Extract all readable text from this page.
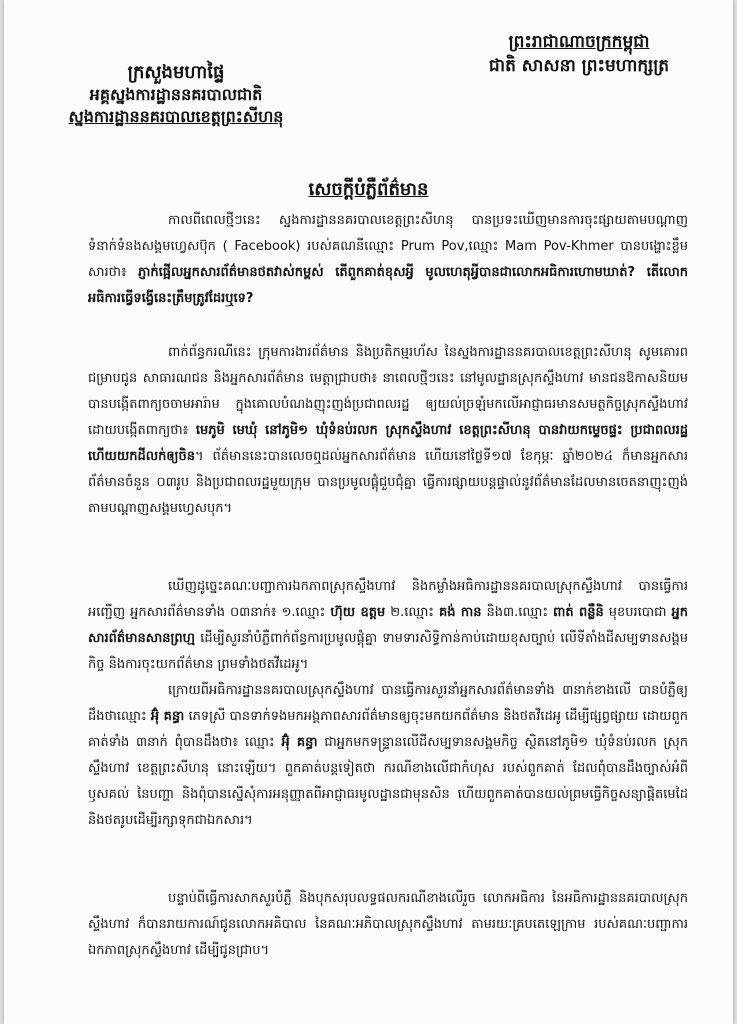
ព្រះរាជាណាចក្រកម្ពុជា
ជាតិ សាសនា ព្រះមហាក្សត្រ
ក្រសួងមហាផ្ទៃ
អគ្គស្នងការដ្ឋាននគរបាលជាតិ
ស្នងការដ្ឋាននគរបាលខេត្តព្រះសីហនុ
សេចក្ដីបំភ្លឺព័ត៌មាន

កាលពីពេលថ្មីៗនេះ ស្នងការដ្ឋាននគរបាលខេត្តព្រះសីហនុ បានប្រទះឃើញមានការចុះផ្សាយតាមបណ្ដាញទំនាក់ទំនងសង្គមហ្វេសប៊ុក ( Facebook) របស់គណនីឈ្មោះ Prum Pov,ឈ្មោះ Mam Pov-Khmer បានបង្ហោះខ្លឹមសារថា៖ ភ្ញាក់ផ្អើលអ្នកសារព័ត៌មានថតវាស់កម្ពស់ តើពួកគាត់ខុសអ្វី មូលហេតុអ្វីបានជាលោកអធិការហោមឃាត់? តើលោកអធិការធ្វើទង្វើនេះត្រឹមត្រូវដែរឬទេ?

ពាក់ព័ន្ធករណីនេះ ក្រុមការងារព័ត៌មាន និងប្រតិកម្មរហ័ស នៃស្នងការដ្ឋាននគរបាលខេត្តព្រះសីហនុ សូមគោរពជម្រាបជូន សាធារណជន និងអ្នកសារព័ត៌មាន មេត្តាជ្រាបថា៖ នាពេលថ្មីៗនេះ នៅមូលដ្ឋានស្រុកស្ទឹងហាវ មានជនឱកាសនិយម បានបង្កើតពាក្យចចាមអារ៉ាម ក្នុងគោលបំណងញុះញង់ប្រជាពលរដ្ឋ ឲ្យយល់ច្រឡំមកលើអាជ្ញាធរមានសមត្ថកិច្ចស្រុកស្ទឹងហាវ ដោយបង្កើតពាក្យថា៖ មេភូមិ មេឃុំ នៅភូមិ១ ឃុំទំនប់រលក ស្រុកស្ទឹងហាវ ខេត្តព្រះសីហនុ បានវាយកម្ទេចផ្ទះ ប្រជាពលរដ្ឋ ហើយយកដីលក់ឲ្យចិន។ ព័ត៌មាននេះបានលេចឮដល់អ្នកសារព័ត៌មាន ហើយនៅថ្ងៃទី១៧ ខែកុម្ភៈ ឆ្នាំ២០២៤ ក៏មានអ្នកសារព័ត៌មានចំនួន ០៣រូប និងប្រជាពលរដ្ឋមួយក្រុម បានប្រមូលផ្ដុំជួបជុំគ្នា ធ្វើការផ្សាយបន្តផ្ទាល់នូវព័ត៌មានដែលមានចេតនាញុះញង់ តាមបណ្ដាញសង្គមហ្វេសបុក។

ឃើញដូច្នេះគណៈបញ្ជាការឯកភាពស្រុកស្ទឹងហាវ និងកម្លាំងអធិការដ្ឋាននគរបាលស្រុកស្ទឹងហាវ បានធ្វើការអញ្ជើញ អ្នកសារព័ត៌មានទាំង ០៣នាក់៖ ១.ឈ្មោះ ហ៊ុយ ឧត្តម ២.ឈ្មោះ គង់ កាន និង៣.ឈ្មោះ ពាត់ ពន្លឺនិ មុខបរបោជា អ្នកសារព័ត៌មានសានព្រហ្ម ដើម្បីសួរនាំបំភ្លឺពាក់ព័ន្ធការប្រមូលផ្ដុំគ្នា ទាមទារសិទ្ធិកាន់កាប់ដោយខុសច្បាប់ លើទីតាំងដីសម្បទានសង្គមកិច្ច និងការចុះយកព័ត៌មាន ព្រមទាំងថតវីដេអូ។

ក្រោយពីអធិការដ្ឋាននគរបាលស្រុកស្ទឹងហាវ បានធ្វើការសួរនាំអ្នកសារព័ត៌មានទាំង ៣នាក់ខាងលើ បានបំភ្លឺឲ្យដឹងថាឈ្មោះ អ៊ុំ គន្ធា ភេទស្រី បានទាក់ទងមកអង្គភាពសារព័ត៌មានឲ្យចុះមកយកព័ត៌មាន និងថតវីដេអូ ដើម្បីផ្សព្វផ្សាយ ដោយពួកគាត់ទាំង ៣នាក់ ពុំបានដឹងថា៖ ឈ្មោះ អ៊ុំ គន្ធា ជាអ្នកមកទន្ទ្រានលើដីសម្បទានសង្គមកិច្ច ស្ថិតនៅភូមិ១ ឃុំទំនប់រលក ស្រុកស្ទឹងហាវ ខេត្តព្រះសីហនុ នោះឡើយ។ ពួកគាត់បន្តទៀតថា ករណីខាងលើជាកំហុស របស់ពួកគាត់ ដែលពុំបានដឹងច្បាស់អំពីឫសគល់ នៃបញ្ហា និងពុំបានស្នើសុំការអនុញ្ញាតពីអាជ្ញាធរមូលដ្ឋានជាមុនសិន ហើយពួកគាត់បានយល់ព្រមធ្វើកិច្ចសន្យាផ្ដិតមេដៃ និងថតរូបដើម្បីរក្សាទុកជាឯកសារ។

បន្ទាប់ពីធ្វើការសាកសួរបំភ្លឺ និងបុកសរុបលទ្ធផលករណីខាងលើរួច លោកអធិការ នៃអធិការដ្ឋាននគរបាលស្រុកស្ទឹងហាវ ក៏បានរាយការណ៍ជូនលោកអគិបាល នៃគណៈអភិបាលស្រុកស្ទឹងហាវ តាមរយៈគ្របតេឡេក្រាម របស់គណៈបញ្ជាការឯកភាពស្រុកស្ទឹងហាវ ដើម្បីជូនជ្រាប។
